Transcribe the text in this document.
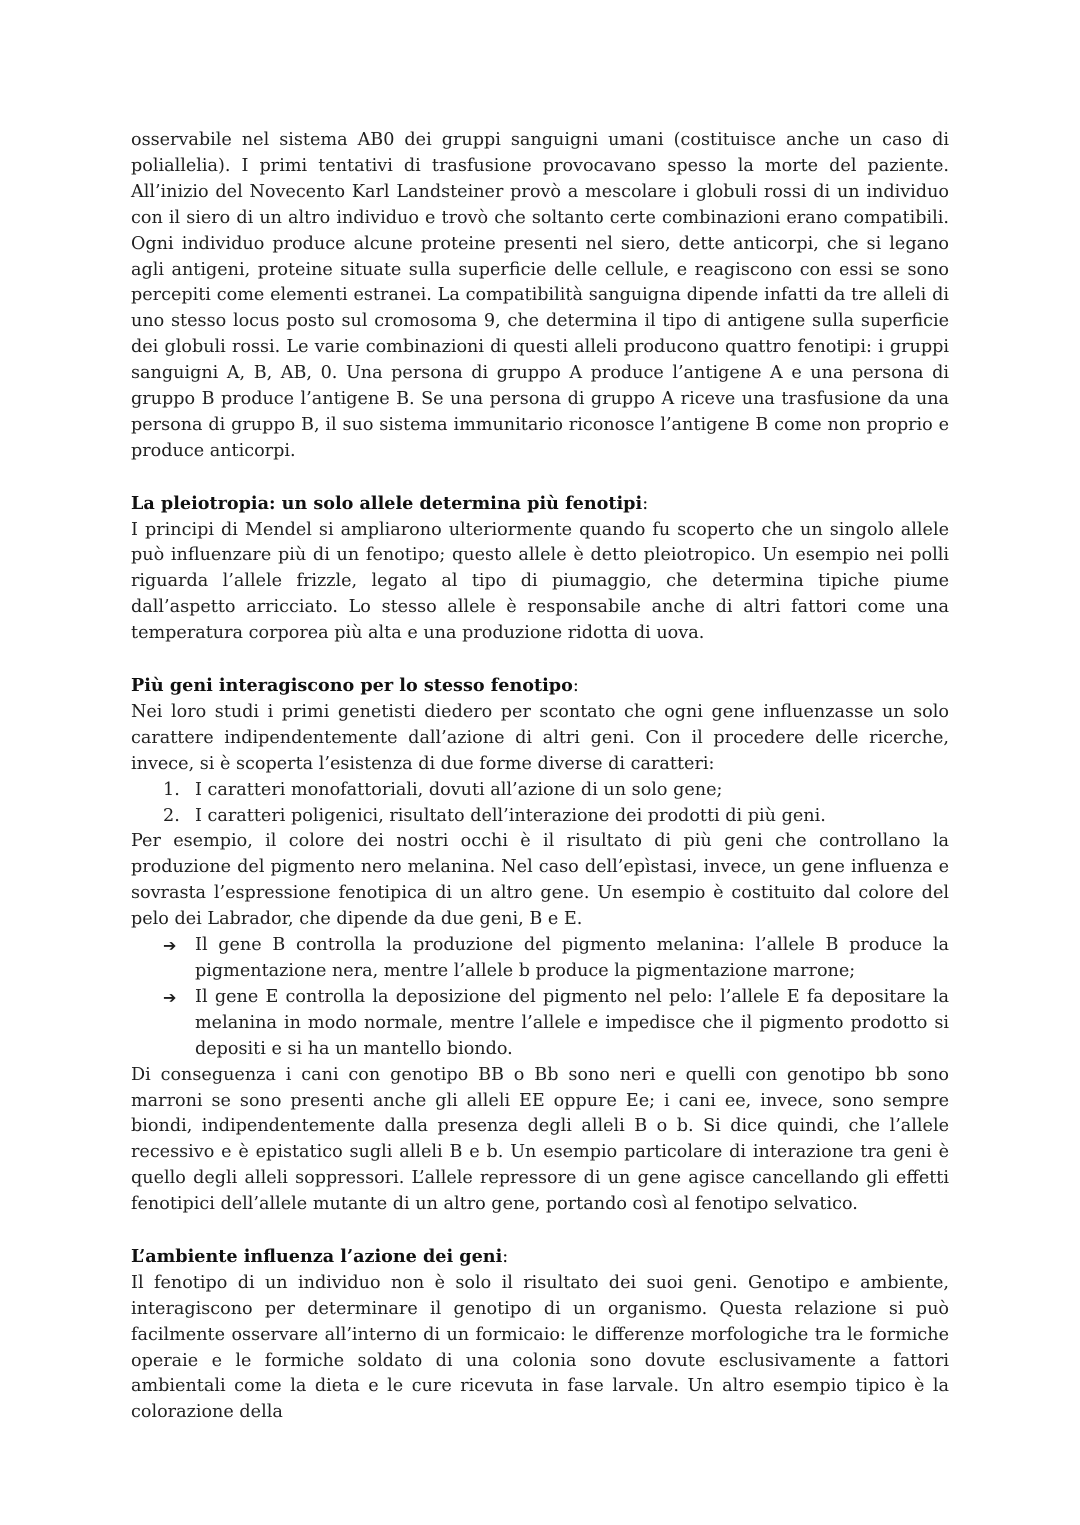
osservabile nel sistema AB0 dei gruppi sanguigni umani (costituisce anche un caso di poliallelia). I primi tentativi di trasfusione provocavano spesso la morte del paziente. All’inizio del Novecento Karl Landsteiner provò a mescolare i globuli rossi di un individuo con il siero di un altro individuo e trovò che soltanto certe combinazioni erano compatibili. Ogni individuo produce alcune proteine presenti nel siero, dette anticorpi, che si legano agli antigeni, proteine situate sulla superficie delle cellule, e reagiscono con essi se sono percepiti come elementi estranei. La compatibilità sanguigna dipende infatti da tre alleli di uno stesso locus posto sul cromosoma 9, che determina il tipo di antigene sulla superficie dei globuli rossi. Le varie combinazioni di questi alleli producono quattro fenotipi: i gruppi sanguigni A, B, AB, 0. Una persona di gruppo A produce l’antigene A e una persona di gruppo B produce l’antigene B. Se una persona di gruppo A riceve una trasfusione da una persona di gruppo B, il suo sistema immunitario riconosce l’antigene B come non proprio e produce anticorpi.

La pleiotropia: un solo allele determina più fenotipi:

I principi di Mendel si ampliarono ulteriormente quando fu scoperto che un singolo allele può influenzare più di un fenotipo; questo allele è detto pleiotropico. Un esempio nei polli riguarda l’allele frizzle, legato al tipo di piumaggio, che determina tipiche piume dall’aspetto arricciato. Lo stesso allele è responsabile anche di altri fattori come una temperatura corporea più alta e una produzione ridotta di uova.

Più geni interagiscono per lo stesso fenotipo:

Nei loro studi i primi genetisti diedero per scontato che ogni gene influenzasse un solo carattere indipendentemente dall’azione di altri geni. Con il procedere delle ricerche, invece, si è scoperta l’esistenza di due forme diverse di caratteri:

1. I caratteri monofattoriali, dovuti all’azione di un solo gene;
2. I caratteri poligenici, risultato dell’interazione dei prodotti di più geni.

Per esempio, il colore dei nostri occhi è il risultato di più geni che controllano la produzione del pigmento nero melanina. Nel caso dell’epìstasi, invece, un gene influenza e sovrasta l’espressione fenotipica di un altro gene. Un esempio è costituito dal colore del pelo dei Labrador, che dipende da due geni, B e E.

➔ Il gene B controlla la produzione del pigmento melanina: l’allele B produce la pigmentazione nera, mentre l’allele b produce la pigmentazione marrone;
➔ Il gene E controlla la deposizione del pigmento nel pelo: l’allele E fa depositare la melanina in modo normale, mentre l’allele e impedisce che il pigmento prodotto si depositi e si ha un mantello biondo.

Di conseguenza i cani con genotipo BB o Bb sono neri e quelli con genotipo bb sono marroni se sono presenti anche gli alleli EE oppure Ee; i cani ee, invece, sono sempre biondi, indipendentemente dalla presenza degli alleli B o b. Si dice quindi, che l’allele recessivo e è epistatico sugli alleli B e b. Un esempio particolare di interazione tra geni è quello degli alleli soppressori. L’allele repressore di un gene agisce cancellando gli effetti fenotipici dell’allele mutante di un altro gene, portando così al fenotipo selvatico.

L’ambiente influenza l’azione dei geni:

Il fenotipo di un individuo non è solo il risultato dei suoi geni. Genotipo e ambiente, interagiscono per determinare il genotipo di un organismo. Questa relazione si può facilmente osservare all’interno di un formicaio: le differenze morfologiche tra le formiche operaie e le formiche soldato di una colonia sono dovute esclusivamente a fattori ambientali come la dieta e le cure ricevuta in fase larvale. Un altro esempio tipico è la colorazione della
